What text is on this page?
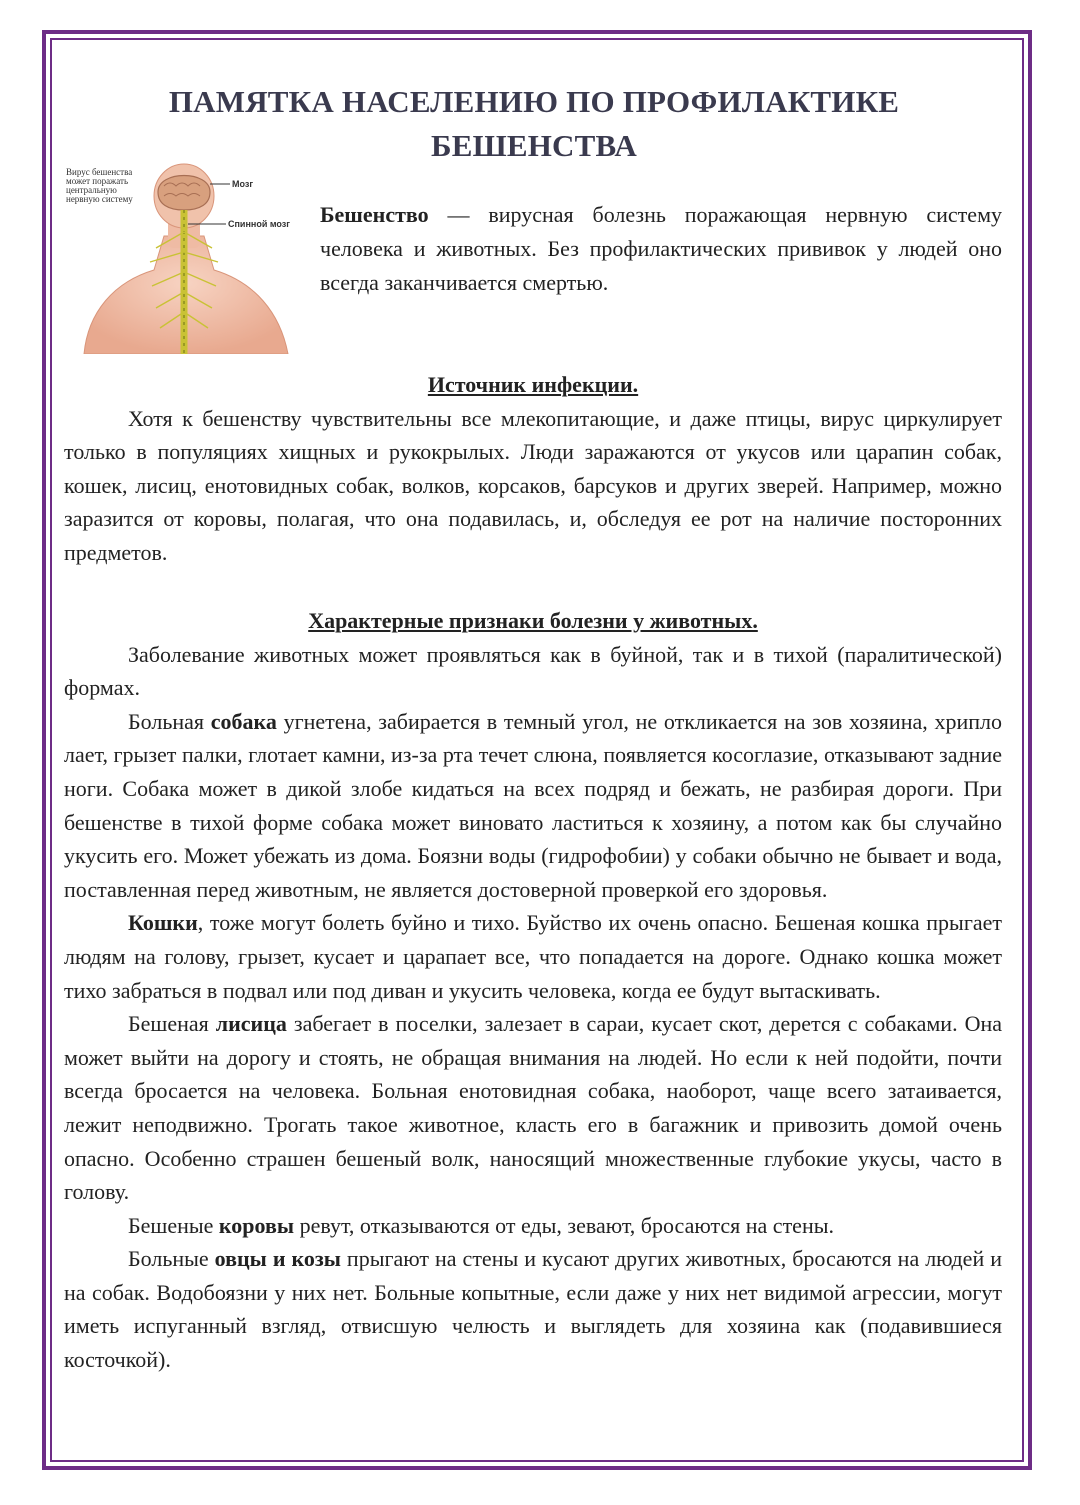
ПАМЯТКА НАСЕЛЕНИЮ ПО ПРОФИЛАКТИКЕ БЕШЕНСТВА
Вирус бешенства
может поражать
центральную
нервную систему
Мозг
Спинной мозг Бешенство — вирусная болезнь поражающая нервную систему человека и животных. Без профилактических прививок у людей оно всегда заканчивается смертью.

Источник инфекции.

Хотя к бешенству чувствительны все млекопитающие, и даже птицы, вирус циркулирует только в популяциях хищных и рукокрылых. Люди заражаются от укусов или царапин собак, кошек, лисиц, енотовидных собак, волков, корсаков, барсуков и других зверей. Например, можно заразится от коровы, полагая, что она подавилась, и, обследуя ее рот на наличие посторонних предметов.

Характерные признаки болезни у животных.

Заболевание животных может проявляться как в буйной, так и в тихой (паралитической) формах.

Больная собака угнетена, забирается в темный угол, не откликается на зов хозяина, хрипло лает, грызет палки, глотает камни, из-за рта течет слюна, появляется косоглазие, отказывают задние ноги. Собака может в дикой злобе кидаться на всех подряд и бежать, не разбирая дороги. При бешенстве в тихой форме собака может виновато ластиться к хозяину, а потом как бы случайно укусить его. Может убежать из дома. Боязни воды (гидрофобии) у собаки обычно не бывает и вода, поставленная перед животным, не является достоверной проверкой его здоровья.

Кошки, тоже могут болеть буйно и тихо. Буйство их очень опасно. Бешеная кошка прыгает людям на голову, грызет, кусает и царапает все, что попадается на дороге. Однако кошка может тихо забраться в подвал или под диван и укусить человека, когда ее будут вытаскивать.

Бешеная лисица забегает в поселки, залезает в сараи, кусает скот, дерется с собаками. Она может выйти на дорогу и стоять, не обращая внимания на людей. Но если к ней подойти, почти всегда бросается на человека. Больная енотовидная собака, наоборот, чаще всего затаивается, лежит неподвижно. Трогать такое животное, класть его в багажник и привозить домой очень опасно. Особенно страшен бешеный волк, наносящий множественные глубокие укусы, часто в голову.

Бешеные коровы ревут, отказываются от еды, зевают, бросаются на стены.

Больные овцы и козы прыгают на стены и кусают других животных, бросаются на людей и на собак. Водобоязни у них нет. Больные копытные, если даже у них нет видимой агрессии, могут иметь испуганный взгляд, отвисшую челюсть и выглядеть для хозяина как (подавившиеся косточкой).
